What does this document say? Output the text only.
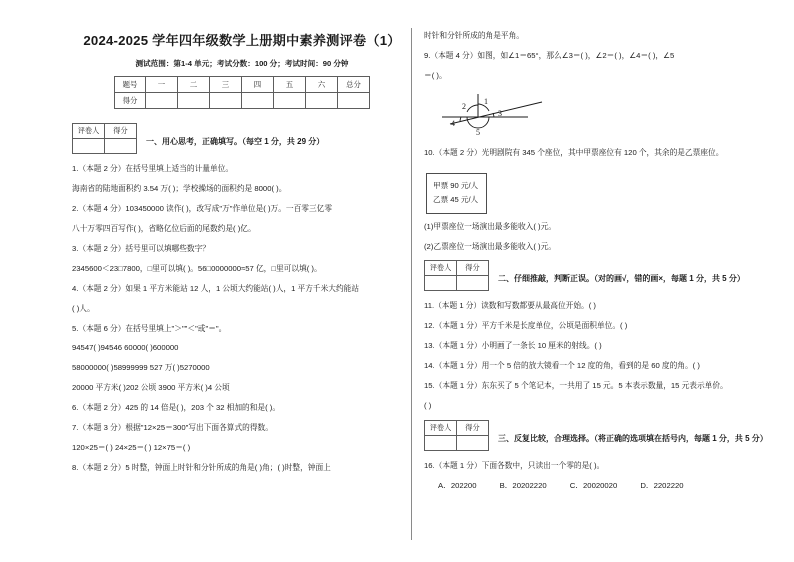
2024-2025 学年四年级数学上册期中素养测评卷（1）
测试范围：第1-4 单元；考试分数：100 分；考试时间：90 分钟
题号	一	二	三	四	五	六	总分
得分							
评卷人	得分

一、用心思考，正确填写。（每空 1 分，共 29 分）
1.（本题 2 分）在括号里填上适当的计量单位。
海南省的陆地面积约 3.54 万( )；学校操场的面积约是 8000( )。
2.（本题 4 分）103450000 读作( )，改写成"万"作单位是( )万。一百零三亿零
八十万零四百写作( )，省略亿位后面的尾数约是( )亿。
3.（本题 2 分）括号里可以填哪些数字？
2345600＜23□7800，□里可以填( )。56□0000000≈57 亿，□里可以填( )。
4.（本题 2 分）如果 1 平方米能站 12 人，1 公顷大约能站( )人，1 平方千米大约能站
( )人。
5.（本题 6 分）在括号里填上"＞""＜"或"＝"。
94547( )94546 60000( )600000
58000000( )58999999 527 万( )5270000
20000 平方米( )202 公顷 3900 平方米( )4 公顷
6.（本题 2 分）425 的 14 倍是( )，203 个 32 相加的和是( )。
7.（本题 3 分）根据"12×25＝300"写出下面各算式的得数。
120×25＝( ) 24×25＝( ) 12×75＝( )
8.（本题 2 分）5 时整，钟面上时针和分针所成的角是( )角；( )时整，钟面上
时针和分针所成的角是平角。
9.（本题 4 分）如图，如∠1＝65°，那么∠3＝( )，∠2＝( )，∠4＝( )，∠5
＝( )。
1
2
3
4
5
10.（本题 2 分）光明剧院有 345 个座位，其中甲票座位有 120 个，其余的是乙票座位。
甲票 90 元/人
乙票 45 元/人
(1)甲票座位一场演出最多能收入( )元。
(2)乙票座位一场演出最多能收入( )元。
评卷人	得分

二、仔细推敲，判断正误。（对的画√，错的画×，每题 1 分，共 5 分）
11.（本题 1 分）读数和写数都要从最高位开始。( )
12.（本题 1 分）平方千米是长度单位，公顷是面积单位。( )
13.（本题 1 分）小明画了一条长 10 厘米的射线。( )
14.（本题 1 分）用一个 5 倍的放大镜看一个 12 度的角，看到的是 60 度的角。( )
15.（本题 1 分）东东买了 5 个笔记本，一共用了 15 元。5 本表示数量，15 元表示单价。
( )
评卷人	得分

三、反复比较，合理选择。（将正确的选项填在括号内，每题 1 分，共 5 分）
16.（本题 1 分）下面各数中，只读出一个零的是( )。
A．202200	B．20202220	C．20020020	D．2202220
